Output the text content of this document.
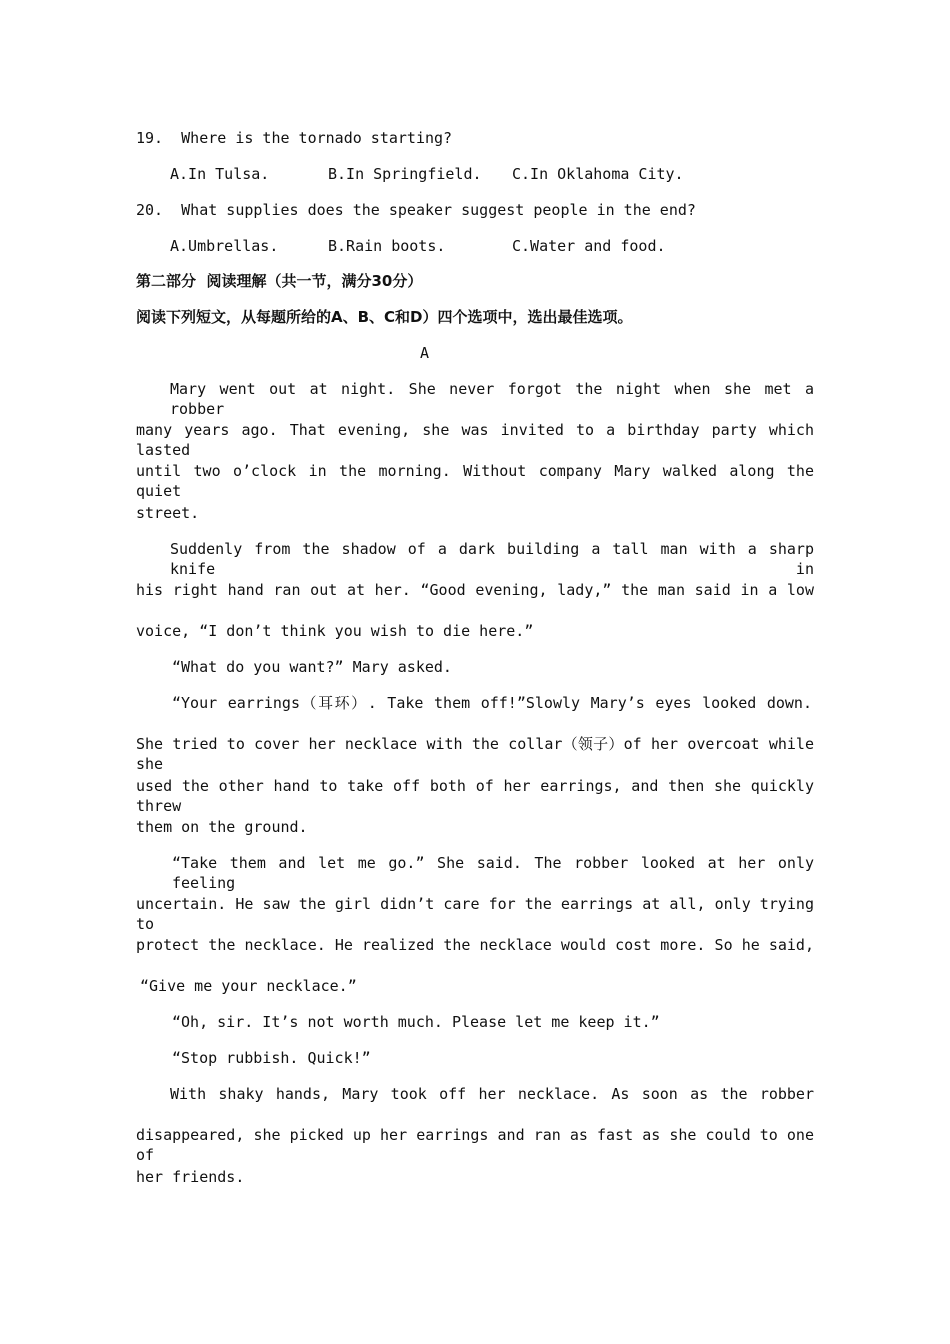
19.  Where is the tornado starting?
A.In Tulsa.	B.In Springfield. C.In Oklahoma City.
20.  What supplies does the speaker suggest people in the end?
A.Umbrellas.	B.Rain boots.	C.Water and food.
第二部分  阅读理解（共一节，满分30分）
阅读下列短文，从每题所给的A、B、C和D）四个选项中，选出最佳选项。
A
Mary went out at night. She never forgot the night when she met a robber
many years ago. That evening, she was invited to a birthday party which lasted
until two o’clock in the morning. Without company Mary walked along the quiet
street.
Suddenly from the shadow of a dark building a tall man with a sharp knife in
his right hand ran out at her. “Good evening, lady,” the man said in a low
voice, “I don’t think you wish to die here.”
“What do you want?” Mary asked.
“Your earrings（耳环）. Take them off!”Slowly Mary’s eyes looked down.
She tried to cover her necklace with the collar（领子）of her overcoat while she
used the other hand to take off both of her earrings, and then she quickly threw
them on the ground.
“Take them and let me go.” She said. The robber looked at her only feeling
uncertain. He saw the girl didn’t care for the earrings at all, only trying to
protect the necklace. He realized the necklace would cost more. So he said,
“Give me your necklace.”
“Oh, sir. It’s not worth much. Please let me keep it.”
“Stop rubbish. Quick!”
With shaky hands, Mary took off her necklace. As soon as the robber
disappeared, she picked up her earrings and ran as fast as she could to one of
her friends.
